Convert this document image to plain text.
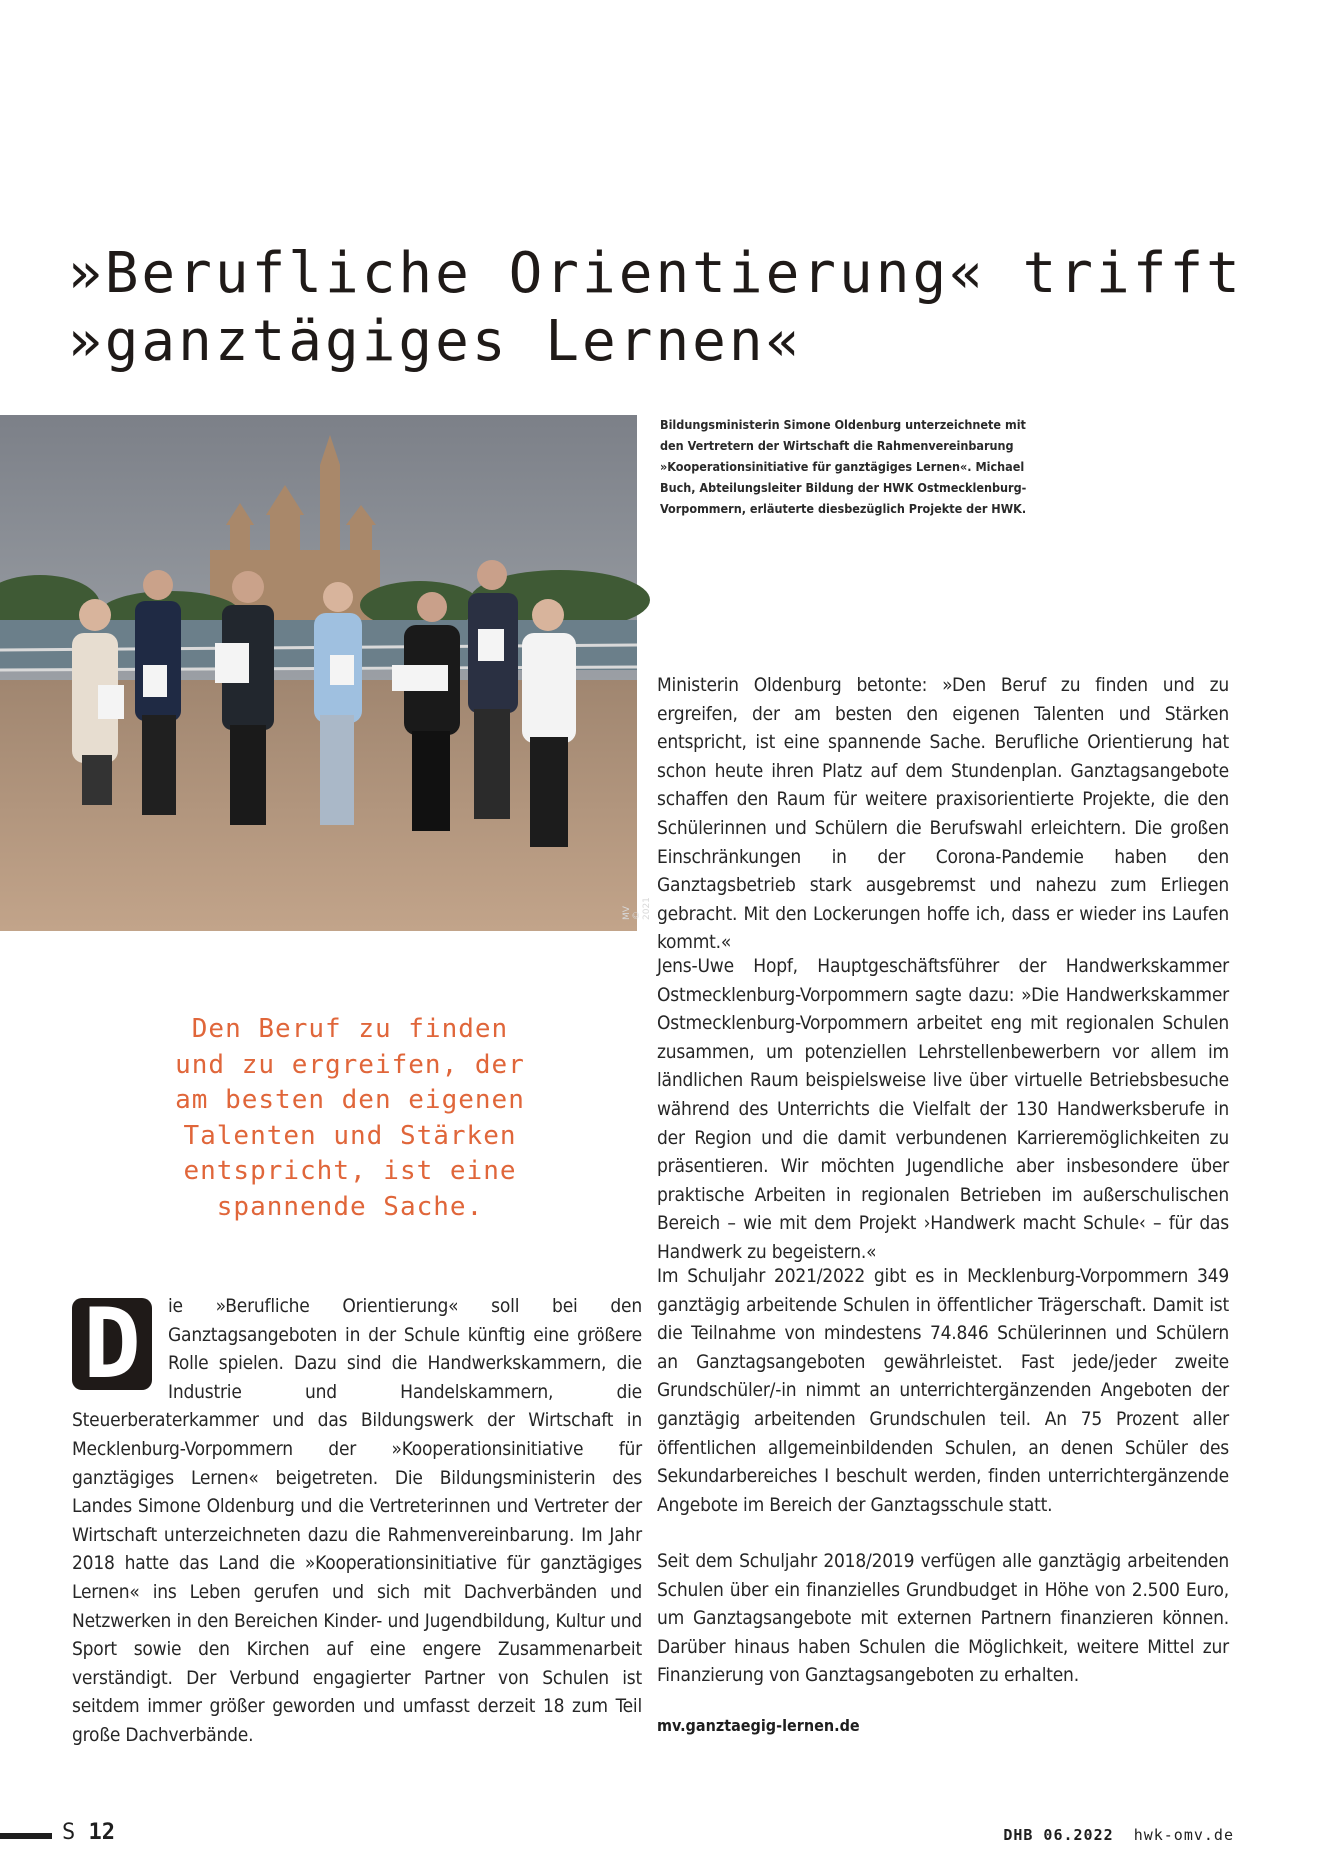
»Berufliche Orientierung« trifft
»ganztägiges Lernen«
MV © 2021

Bildungsministerin Simone Oldenburg unterzeichnete mit den Vertretern der Wirtschaft die Rahmenvereinbarung »Kooperationsinitiative für ganztägiges Lernen«. Michael Buch, Abteilungsleiter Bildung der HWK Ostmecklenburg-Vorpommern, erläuterte diesbezüglich Projekte der HWK.

Den Beruf zu finden und zu ergreifen, der am besten den eigenen Talenten und Stärken entspricht, ist eine spannende Sache.

D	ie »Berufliche Orientierung« soll bei den Ganztagsangeboten in der Schule künftig eine größere Rolle spielen. Dazu sind die Handwerkskammern, die Industrie und Handelskammern, die Steuerberaterkammer und das Bildungswerk der Wirtschaft in Mecklenburg-Vorpommern der »Kooperationsinitiative für ganztägiges Lernen« beigetreten. Die Bildungsministerin des Landes Simone Oldenburg und die Vertreterinnen und Vertreter der Wirtschaft unterzeichneten dazu die Rahmenvereinbarung. Im Jahr 2018 hatte das Land die »Kooperationsinitiative für ganztägiges Lernen« ins Leben gerufen und sich mit Dachverbänden und Netzwerken in den Bereichen Kinder- und Jugendbildung, Kultur und Sport sowie den Kirchen auf eine engere Zusammenarbeit verständigt. Der Verbund engagierter Partner von Schulen ist seitdem immer größer geworden und umfasst derzeit 18 zum Teil große Dachverbände.

Ministerin Oldenburg betonte: »Den Beruf zu finden und zu ergreifen, der am besten den eigenen Talenten und Stärken entspricht, ist eine spannende Sache. Berufliche Orientierung hat schon heute ihren Platz auf dem Stundenplan. Ganztagsangebote schaffen den Raum für weitere praxisorientierte Projekte, die den Schülerinnen und Schülern die Berufswahl erleichtern. Die großen Einschränkungen in der Corona-Pandemie haben den Ganztagsbetrieb stark ausgebremst und nahezu zum Erliegen gebracht. Mit den Lockerungen hoffe ich, dass er wieder ins Laufen kommt.«

Jens-Uwe Hopf, Hauptgeschäftsführer der Handwerkskammer Ostmecklenburg-Vorpommern sagte dazu: »Die Handwerkskammer Ostmecklenburg-Vorpommern arbeitet eng mit regionalen Schulen zusammen, um potenziellen Lehrstellenbewerbern vor allem im ländlichen Raum beispielsweise live über virtuelle Betriebsbesuche während des Unterrichts die Vielfalt der 130 Handwerksberufe in der Region und die damit verbundenen Karrieremöglichkeiten zu präsentieren. Wir möchten Jugendliche aber insbesondere über praktische Arbeiten in regionalen Betrieben im außerschulischen Bereich – wie mit dem Projekt ›Handwerk macht Schule‹ – für das Handwerk zu begeistern.«

Im Schuljahr 2021/2022 gibt es in Mecklenburg-Vorpommern 349 ganztägig arbeitende Schulen in öffentlicher Trägerschaft. Damit ist die Teilnahme von mindestens 74.846 Schülerinnen und Schülern an Ganztagsangeboten gewährleistet. Fast jede/jeder zweite Grundschüler/-in nimmt an unterrichtergänzenden Angeboten der ganztägig arbeitenden Grundschulen teil. An 75 Prozent aller öffentlichen allgemeinbildenden Schulen, an denen Schüler des Sekundarbereiches I beschult werden, finden unterrichtergänzende Angebote im Bereich der Ganztagsschule statt.

Seit dem Schuljahr 2018/2019 verfügen alle ganztägig arbeitenden Schulen über ein finanzielles Grundbudget in Höhe von 2.500 Euro, um Ganztagsangebote mit externen Partnern finanzieren können. Darüber hinaus haben Schulen die Möglichkeit, weitere Mittel zur Finanzierung von Ganztagsangeboten zu erhalten.

mv.ganztaegig-lernen.de
S 12	DHB 06.2022 hwk-omv.de
